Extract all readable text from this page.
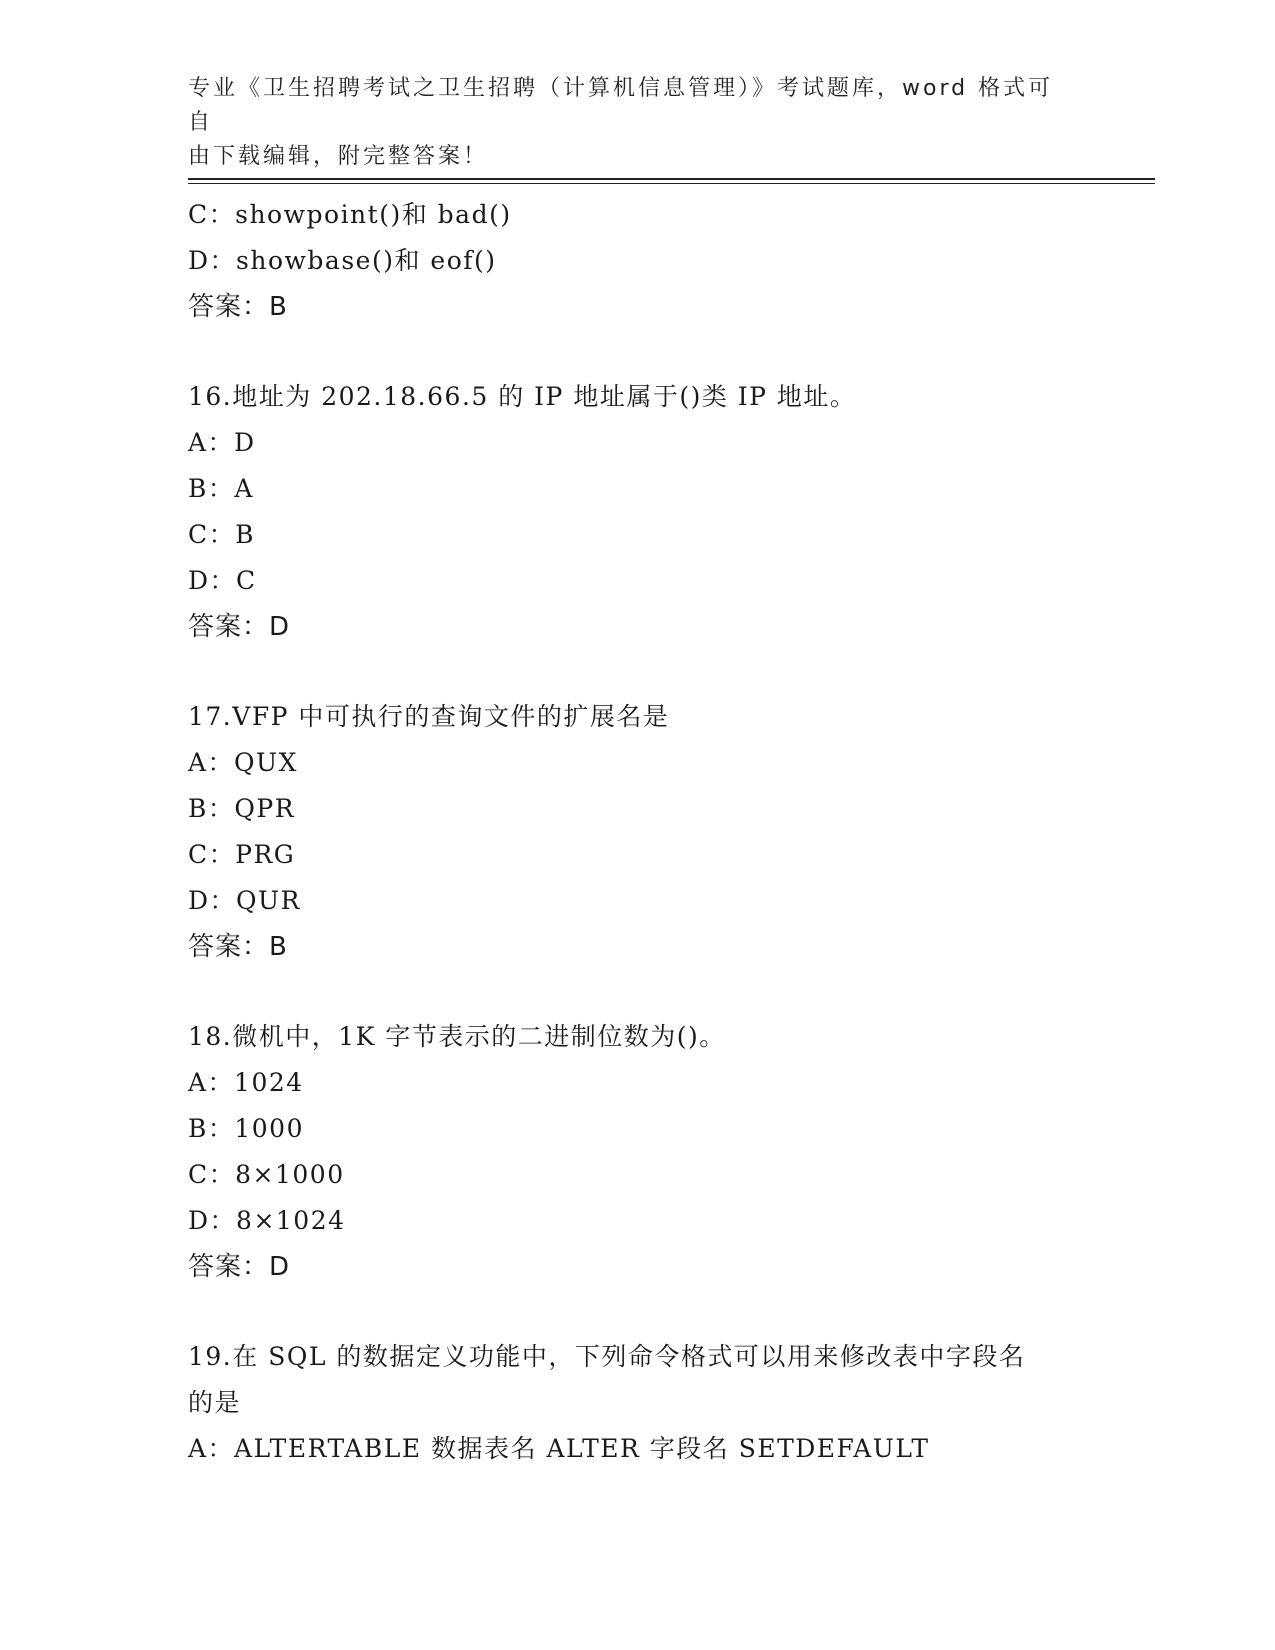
专业《卫生招聘考试之卫生招聘（计算机信息管理）》考试题库，word 格式可自
由下载编辑，附完整答案！
C：showpoint()和 bad()
D：showbase()和 eof()
答案：B
16.地址为 202.18.66.5 的 IP 地址属于()类 IP 地址。
A：D
B：A
C：B
D：C
答案：D
17.VFP 中可执行的查询文件的扩展名是
A：QUX
B：QPR
C：PRG
D：QUR
答案：B
18.微机中，1K 字节表示的二进制位数为()。
A：1024
B：1000
C：8×1000
D：8×1024
答案：D
19.在 SQL 的数据定义功能中，下列命令格式可以用来修改表中字段名
的是
A：ALTERTABLE 数据表名 ALTER 字段名 SETDEFAULT
